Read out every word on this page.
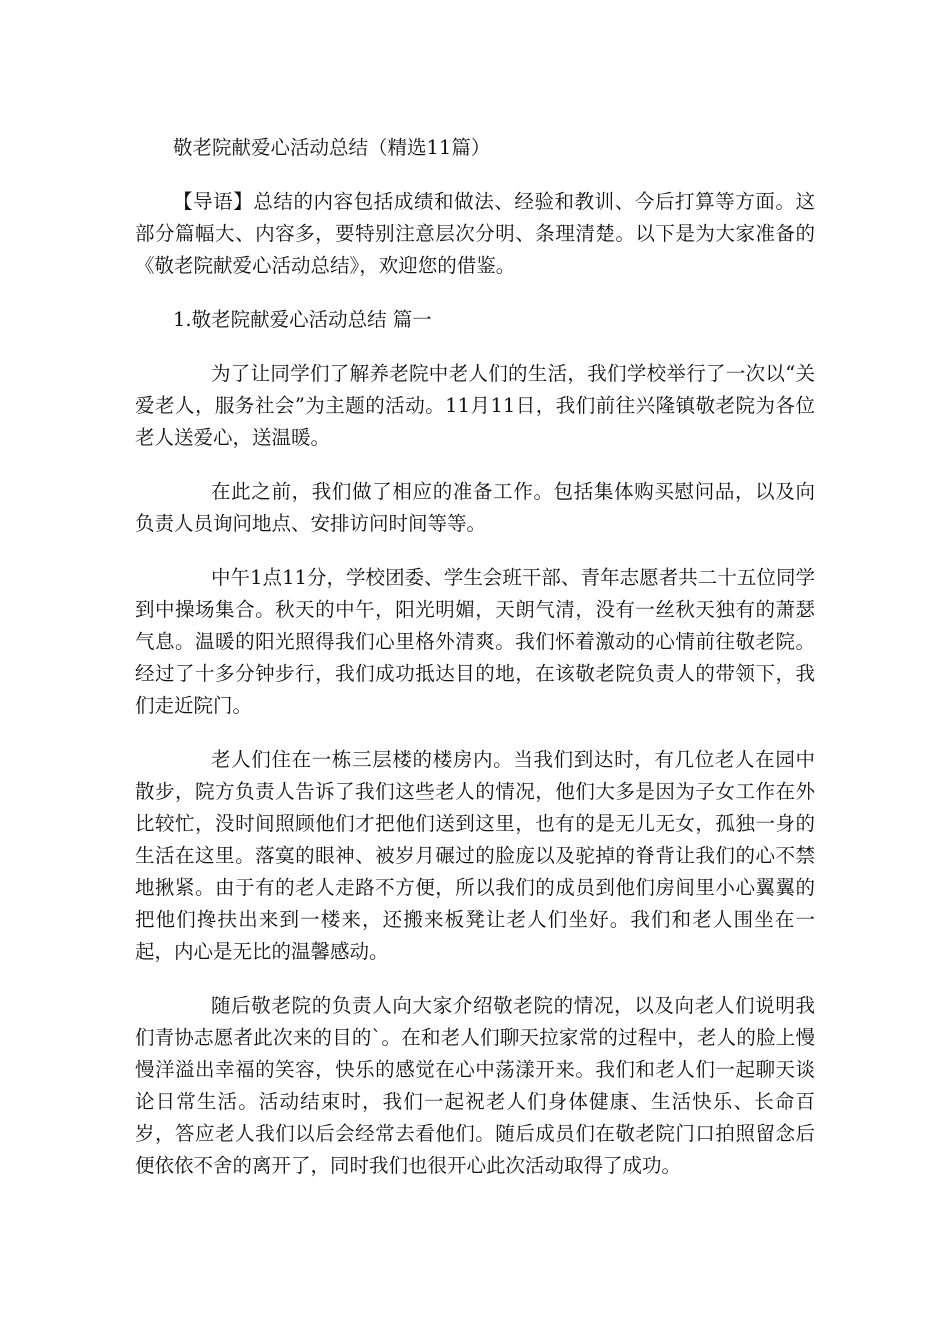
敬老院献爱心活动总结（精选11篇）

【导语】总结的内容包括成绩和做法、经验和教训、今后打算等方面。这部分篇幅大、内容多，要特别注意层次分明、条理清楚。以下是为大家准备的《敬老院献爱心活动总结》，欢迎您的借鉴。

1.敬老院献爱心活动总结 篇一

为了让同学们了解养老院中老人们的生活，我们学校举行了一次以“关爱老人，服务社会”为主题的活动。11月11日，我们前往兴隆镇敬老院为各位老人送爱心，送温暖。

在此之前，我们做了相应的准备工作。包括集体购买慰问品，以及向负责人员询问地点、安排访问时间等等。

中午1点11分，学校团委、学生会班干部、青年志愿者共二十五位同学到中操场集合。秋天的中午，阳光明媚，天朗气清，没有一丝秋天独有的萧瑟气息。温暖的阳光照得我们心里格外清爽。我们怀着激动的心情前往敬老院。经过了十多分钟步行，我们成功抵达目的地，在该敬老院负责人的带领下，我们走近院门。

老人们住在一栋三层楼的楼房内。当我们到达时，有几位老人在园中散步，院方负责人告诉了我们这些老人的情况，他们大多是因为子女工作在外比较忙，没时间照顾他们才把他们送到这里，也有的是无儿无女，孤独一身的生活在这里。落寞的眼神、被岁月碾过的脸庞以及驼掉的脊背让我们的心不禁地揪紧。由于有的老人走路不方便，所以我们的成员到他们房间里小心翼翼的把他们搀扶出来到一楼来，还搬来板凳让老人们坐好。我们和老人围坐在一起，内心是无比的温馨感动。

随后敬老院的负责人向大家介绍敬老院的情况，以及向老人们说明我们青协志愿者此次来的目的`。在和老人们聊天拉家常的过程中，老人的脸上慢慢洋溢出幸福的笑容，快乐的感觉在心中荡漾开来。我们和老人们一起聊天谈论日常生活。活动结束时，我们一起祝老人们身体健康、生活快乐、长命百岁，答应老人我们以后会经常去看他们。随后成员们在敬老院门口拍照留念后便依依不舍的离开了，同时我们也很开心此次活动取得了成功。
